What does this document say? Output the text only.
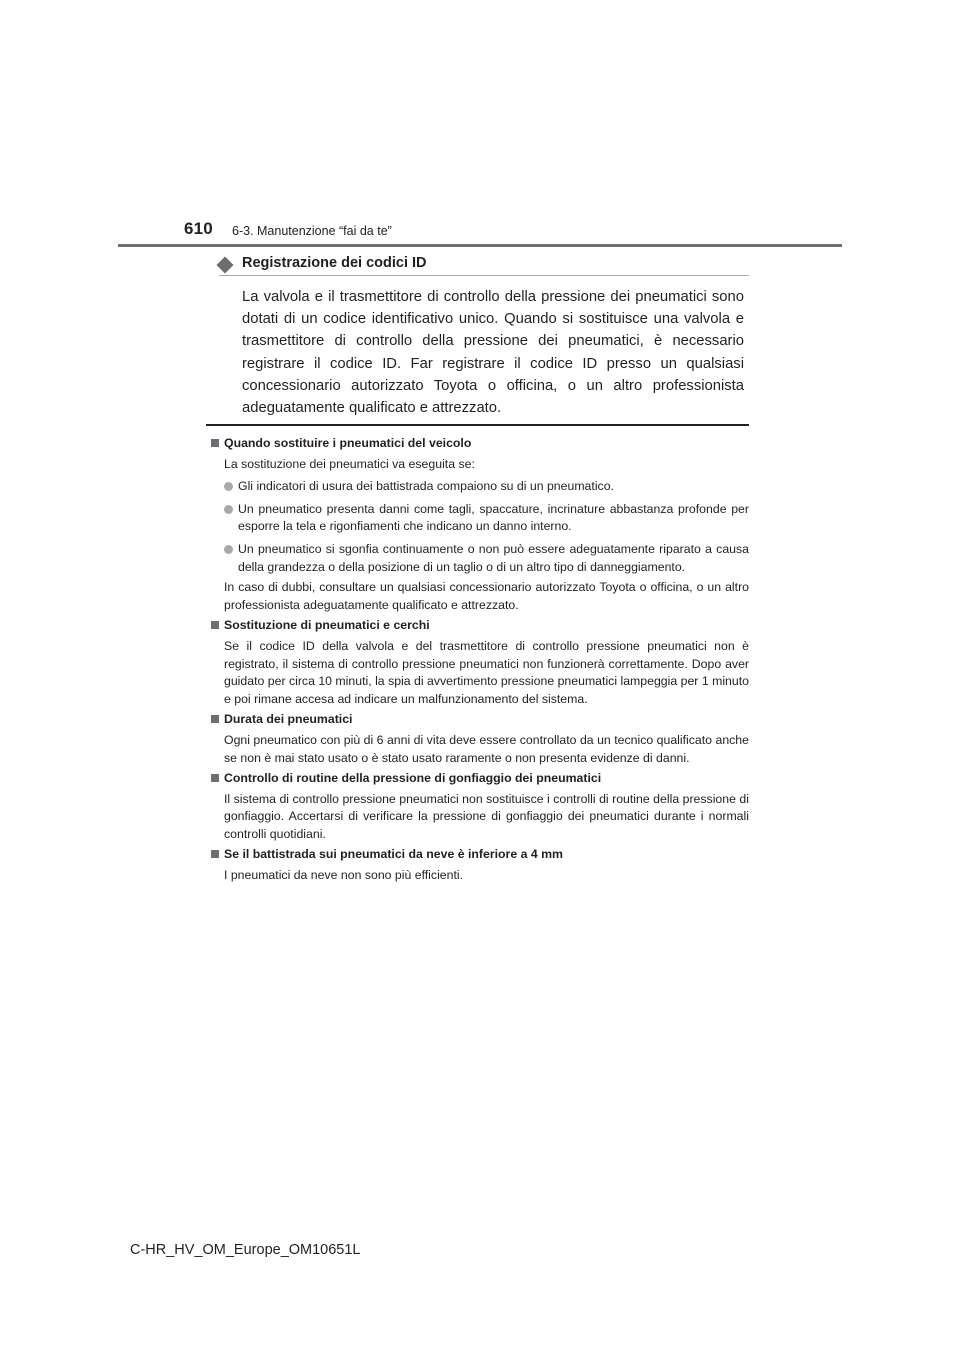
610 6-3. Manutenzione “fai da te”
Registrazione dei codici ID
La valvola e il trasmettitore di controllo della pressione dei pneumatici sono dotati di un codice identificativo unico. Quando si sostituisce una valvola e trasmettitore di controllo della pressione dei pneumatici, è necessario registrare il codice ID. Far registrare il codice ID presso un qualsiasi concessionario autorizzato Toyota o officina, o un altro professionista adeguatamente qualificato e attrezzato.
Quando sostituire i pneumatici del veicolo
La sostituzione dei pneumatici va eseguita se:
Gli indicatori di usura dei battistrada compaiono su di un pneumatico.
Un pneumatico presenta danni come tagli, spaccature, incrinature abbastanza profonde per esporre la tela e rigonfiamenti che indicano un danno interno.
Un pneumatico si sgonfia continuamente o non può essere adeguatamente riparato a causa della grandezza o della posizione di un taglio o di un altro tipo di danneggiamento.
In caso di dubbi, consultare un qualsiasi concessionario autorizzato Toyota o officina, o un altro professionista adeguatamente qualificato e attrezzato.
Sostituzione di pneumatici e cerchi
Se il codice ID della valvola e del trasmettitore di controllo pressione pneumatici non è registrato, il sistema di controllo pressione pneumatici non funzionerà correttamente. Dopo aver guidato per circa 10 minuti, la spia di avvertimento pressione pneumatici lampeggia per 1 minuto e poi rimane accesa ad indicare un malfunzionamento del sistema.
Durata dei pneumatici
Ogni pneumatico con più di 6 anni di vita deve essere controllato da un tecnico qualificato anche se non è mai stato usato o è stato usato raramente o non presenta evidenze di danni.
Controllo di routine della pressione di gonfiaggio dei pneumatici
Il sistema di controllo pressione pneumatici non sostituisce i controlli di routine della pressione di gonfiaggio. Accertarsi di verificare la pressione di gonfiaggio dei pneumatici durante i normali controlli quotidiani.
Se il battistrada sui pneumatici da neve è inferiore a 4 mm
I pneumatici da neve non sono più efficienti.
C-HR_HV_OM_Europe_OM10651L
